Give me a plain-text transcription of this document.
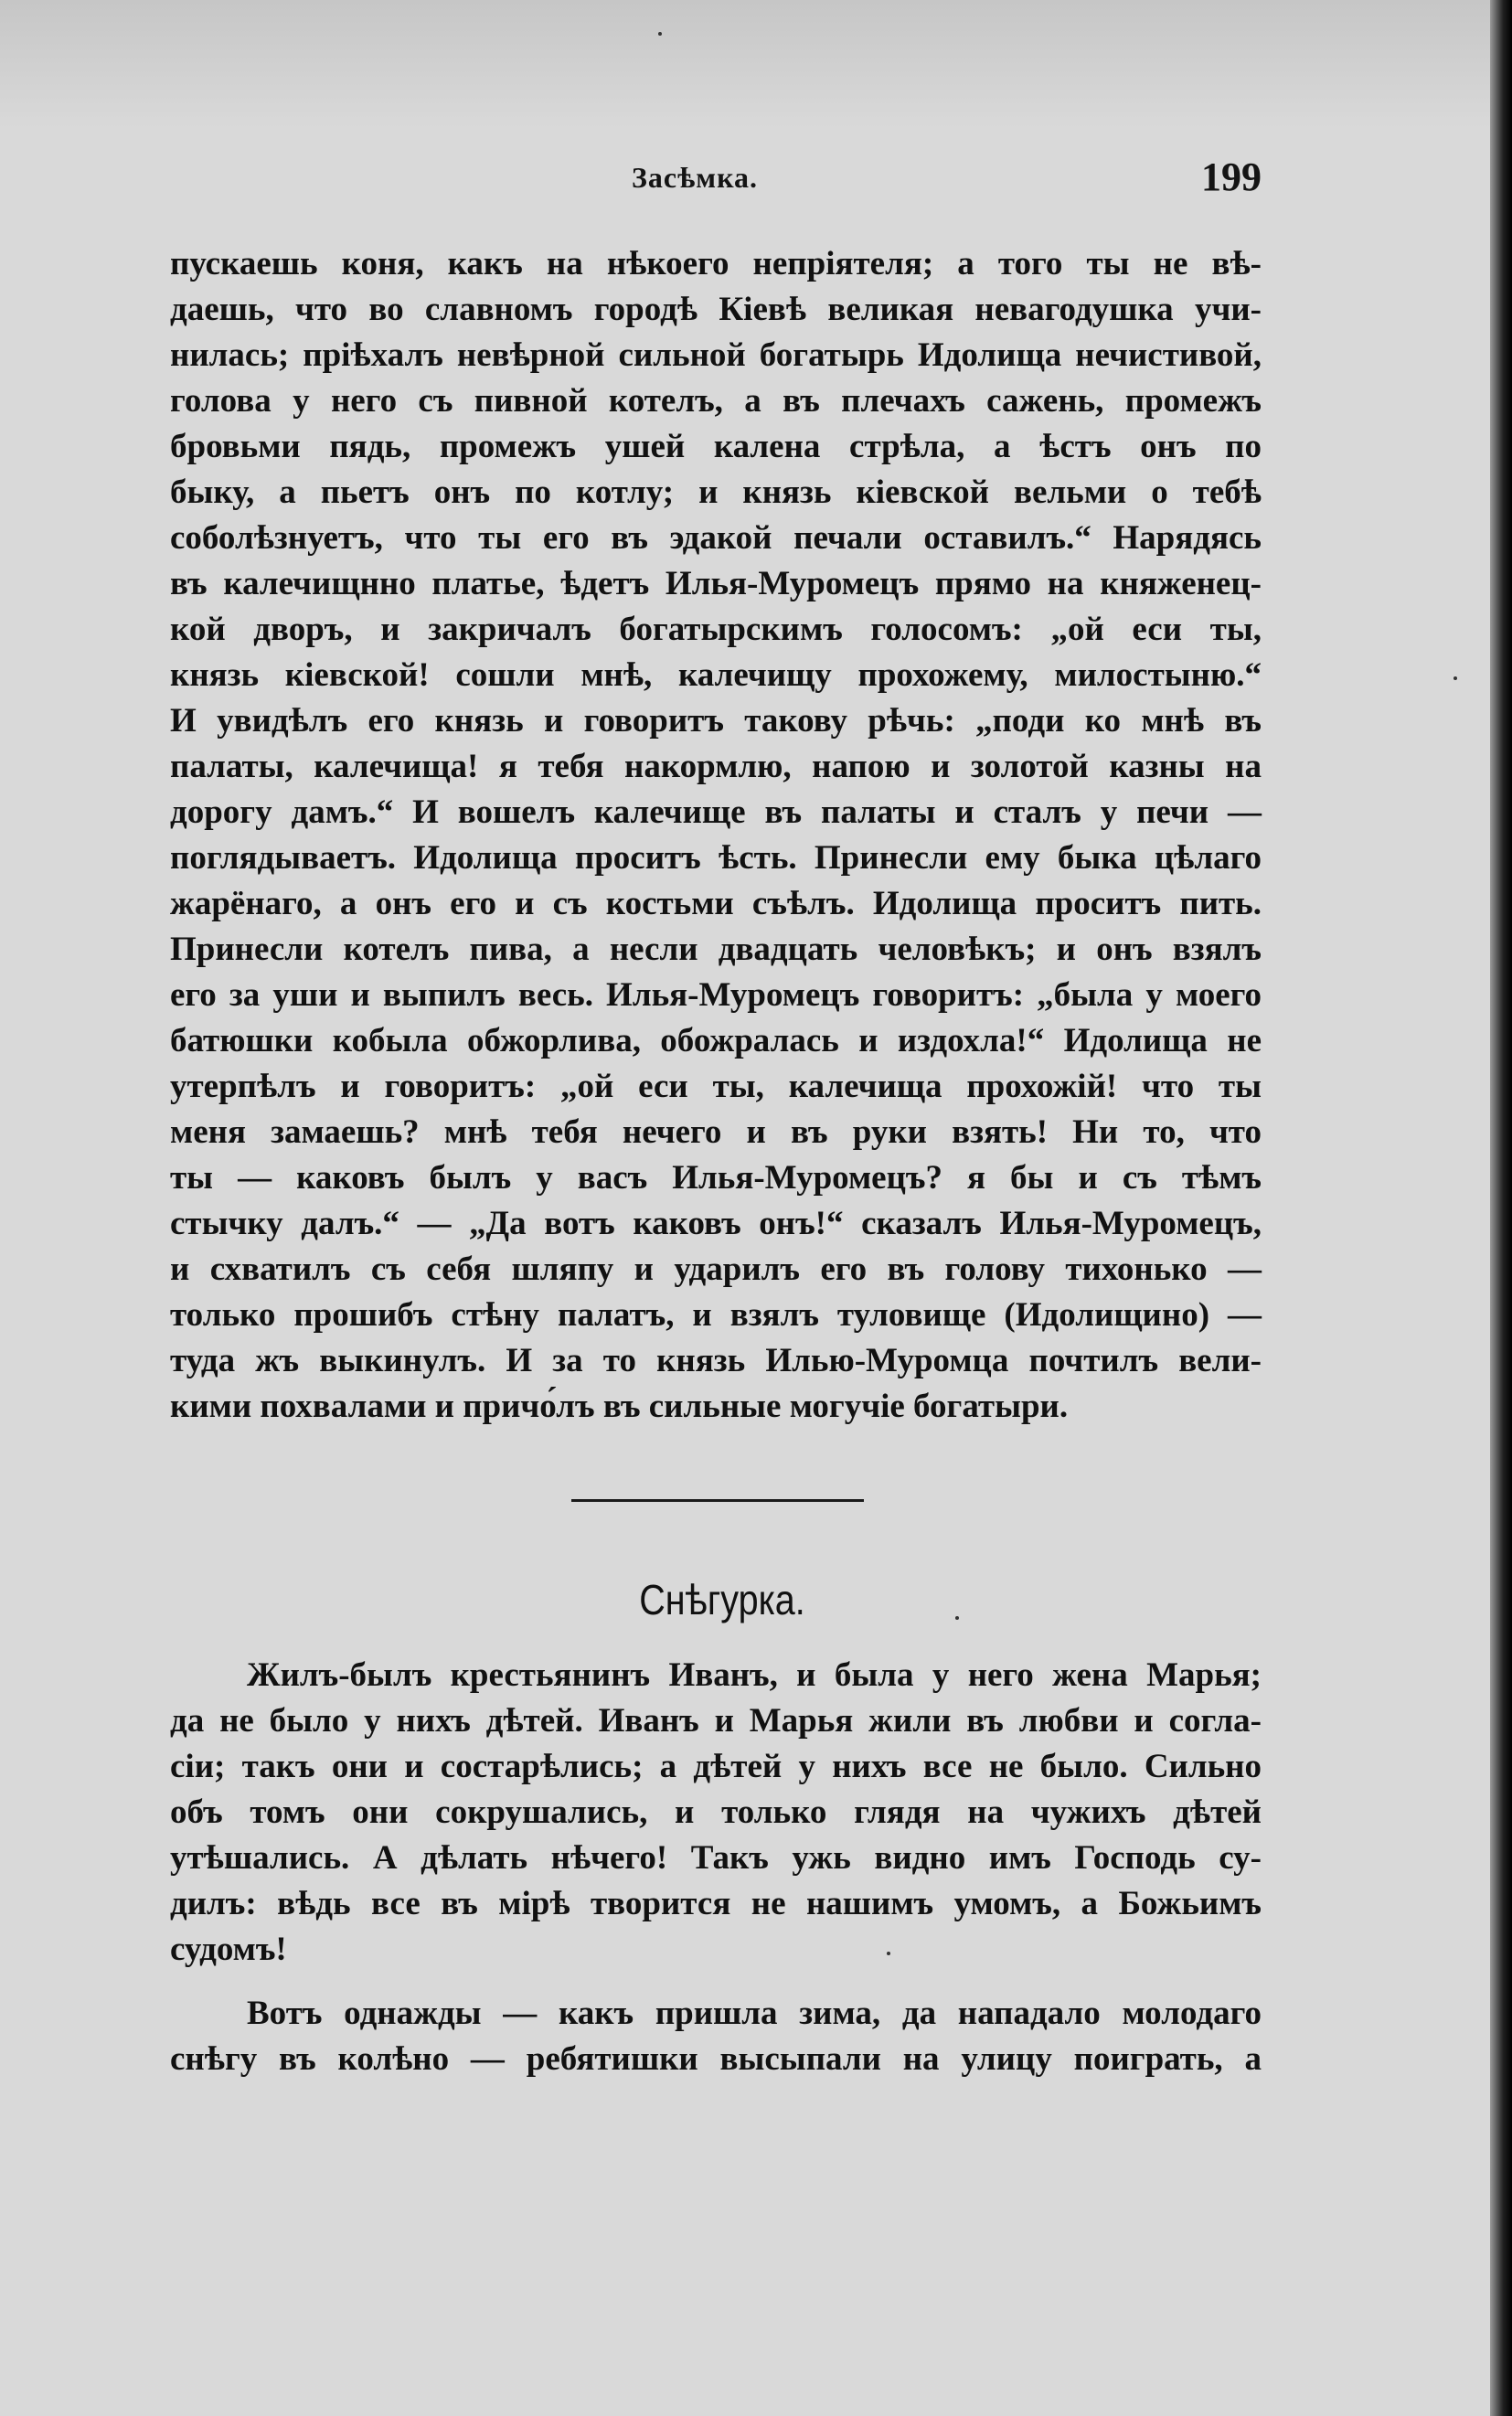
Засѣмка.	199

пускаешь коня, какъ на нѣкоего непріятеля; а того ты не вѣ-

даешь, что во славномъ городѣ Кіевѣ великая невагодушка учи-

нилась; пріѣхалъ невѣрной сильной богатырь Идолища нечистивой,

голова у него съ пивной котелъ, а въ плечахъ сажень, промежъ

бровьми пядь, промежъ ушей калена стрѣла, а ѣстъ онъ по

быку, а пьетъ онъ по котлу; и князь кіевской вельми о тебѣ

соболѣзнуетъ, что ты его въ эдакой печали оставилъ.“ Нарядясь

въ калечищнно платье, ѣдетъ Илья-Муромецъ прямо на княженец-

кой дворъ, и закричалъ богатырскимъ голосомъ: „ой еси ты,

князь кіевской! сошли мнѣ, калечищу прохожему, милостыню.“

И увидѣлъ его князь и говоритъ такову рѣчь: „поди ко мнѣ въ

палаты, калечища! я тебя накормлю, напою и золотой казны на

дорогу дамъ.“ И вошелъ калечище въ палаты и сталъ у печи —

поглядываетъ. Идолища проситъ ѣсть. Принесли ему быка цѣлаго

жарёнаго, а онъ его и съ костьми съѣлъ. Идолища проситъ пить.

Принесли котелъ пива, а несли двадцать человѣкъ; и онъ взялъ

его за уши и выпилъ весь. Илья-Муромецъ говоритъ: „была у моего

батюшки кобыла обжорлива, обожралась и издохла!“ Идолища не

утерпѣлъ и говоритъ: „ой еси ты, калечища прохожій! что ты

меня замаешь? мнѣ тебя нечего и въ руки взять! Ни то, что

ты — каковъ былъ у васъ Илья-Муромецъ? я бы и съ тѣмъ

стычку далъ.“ — „Да вотъ каковъ онъ!“ сказалъ Илья-Муромецъ,

и схватилъ съ себя шляпу и ударилъ его въ голову тихонько —

только прошибъ стѣну палатъ, и взялъ туловище (Идолищино) —

туда жъ выкинулъ. И за то князь Илью-Муромца почтилъ вели-

кими похвалами и причо́лъ въ сильные могучіе богатыри.

Снѣгурка.

Жилъ-былъ крестьянинъ Иванъ, и была у него жена Марья;

да не было у нихъ дѣтей. Иванъ и Марья жили въ любви и согла-

сіи; такъ они и состарѣлись; а дѣтей у нихъ все не было. Сильно

объ томъ они сокрушались, и только глядя на чужихъ дѣтей

утѣшались. А дѣлать нѣчего! Такъ ужь видно имъ Господь су-

дилъ: вѣдь все въ мірѣ творится не нашимъ умомъ, а Божьимъ

судомъ!

Вотъ однажды — какъ пришла зима, да нападало молодаго

снѣгу въ колѣно — ребятишки высыпали на улицу поиграть, а
